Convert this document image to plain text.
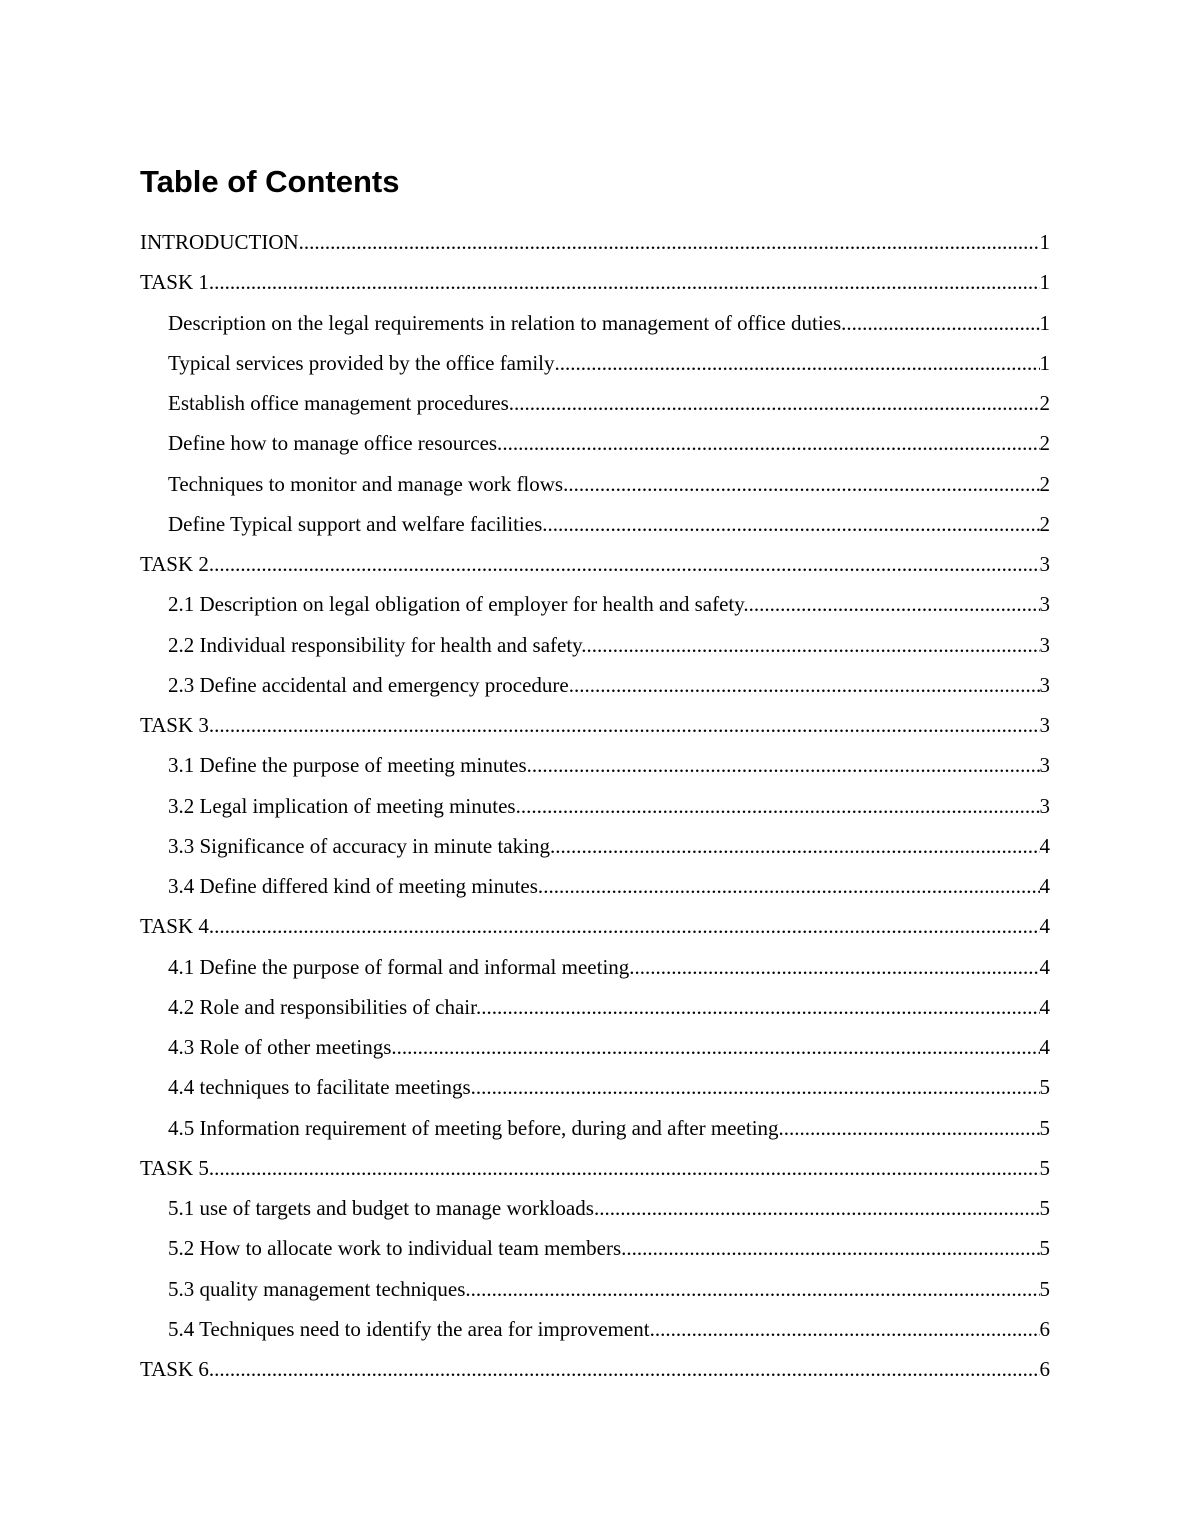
Table of Contents
INTRODUCTION .....	1
TASK 1 .....	1
Description on the legal requirements in relation to management of office duties .....	1
Typical services provided by the office family .....	1
Establish office management procedures .....	2
Define how to manage office resources. .....	2
Techniques to monitor and manage work flows. .....	2
Define Typical support and welfare facilities. .....	2
TASK 2 .....	3
2.1 Description on legal obligation of employer for health and safety. .....	3
2.2 Individual responsibility for health and safety. .....	3
2.3 Define accidental and emergency procedure. .....	3
TASK 3 .....	3
3.1 Define the purpose of meeting minutes. .....	3
3.2 Legal implication of meeting minutes. .....	3
3.3 Significance of accuracy in minute taking .....	4
3.4 Define differed kind of meeting minutes. .....	4
TASK 4 .....	4
4.1 Define the purpose of formal and informal meeting .....	4
4.2 Role and responsibilities of chair. .....	4
4.3 Role of other meetings .....	4
4.4 techniques to facilitate meetings .....	5
4.5 Information requirement of meeting before, during and after meeting. .....	5
TASK 5 .....	5
5.1 use of targets and budget to manage workloads .....	5
5.2 How to allocate work to individual team members .....	5
5.3 quality management techniques. .....	5
5.4 Techniques need to identify the area for improvement. .....	6
TASK 6 .....	6
